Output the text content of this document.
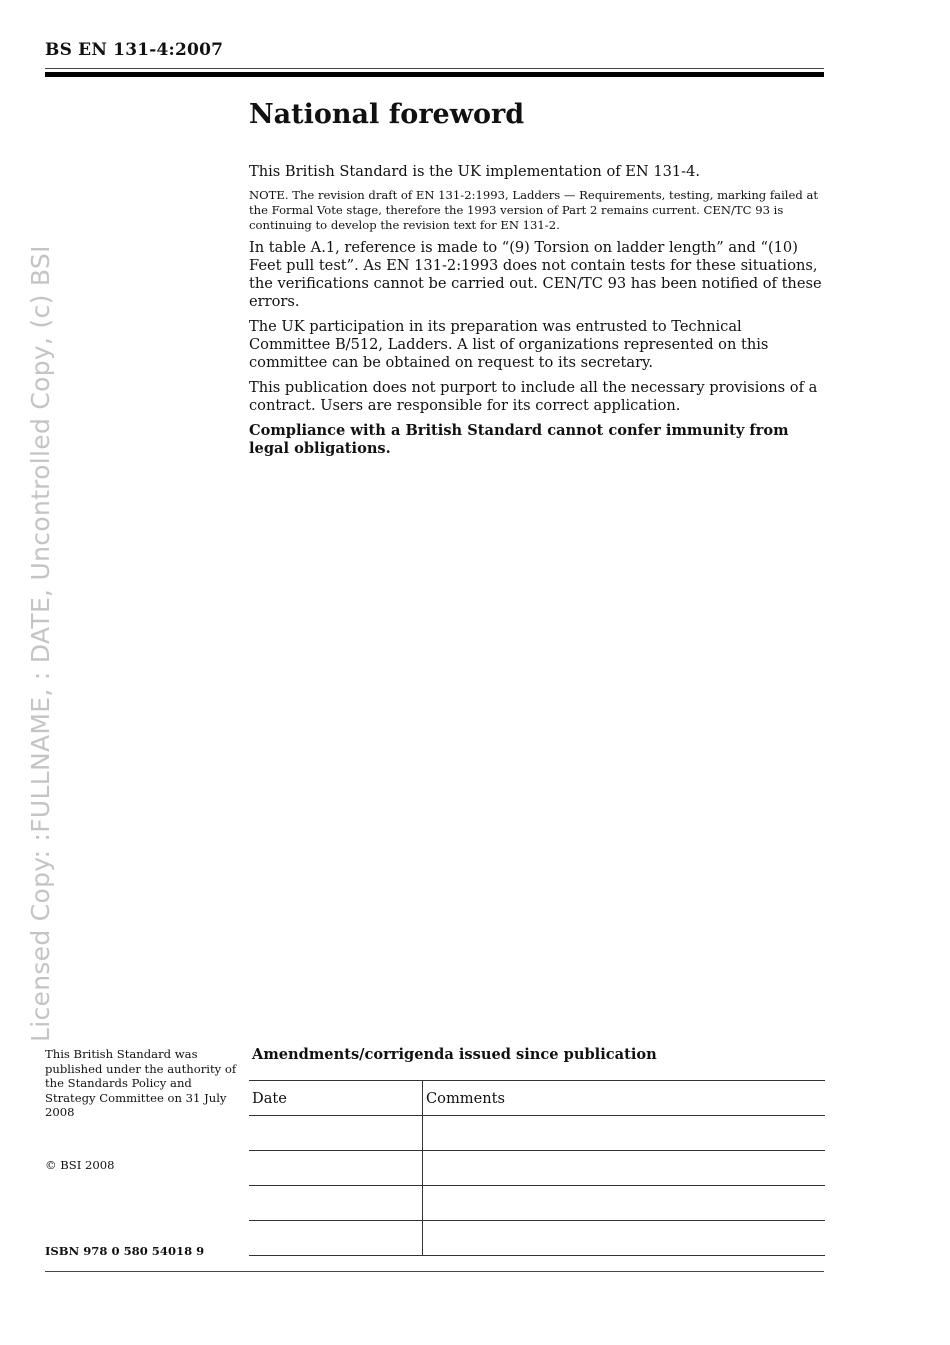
BS EN 131-4:2007
Licensed Copy: :FULLNAME, : DATE, Uncontrolled Copy, (c) BSI
National foreword

This British Standard is the UK implementation of EN 131-4.

NOTE. The revision draft of EN 131-2:1993, Ladders — Requirements, testing, marking failed at the Formal Vote stage, therefore the 1993 version of Part 2 remains current. CEN/TC 93 is continuing to develop the revision text for EN 131-2.

In table A.1, reference is made to “(9) Torsion on ladder length” and “(10) Feet pull test”. As EN 131-2:1993 does not contain tests for these situations, the verifications cannot be carried out. CEN/TC 93 has been notified of these errors.

The UK participation in its preparation was entrusted to Technical Committee B/512, Ladders. A list of organizations represented on this committee can be obtained on request to its secretary.

This publication does not purport to include all the necessary provisions of a contract. Users are responsible for its correct application.

Compliance with a British Standard cannot confer immunity from legal obligations.

This British Standard was published under the authority of the Standards Policy and Strategy Committee on 31 July 2008
© BSI 2008
ISBN 978 0 580 54018 9
Amendments/corrigenda issued since publication
Date	Comments
